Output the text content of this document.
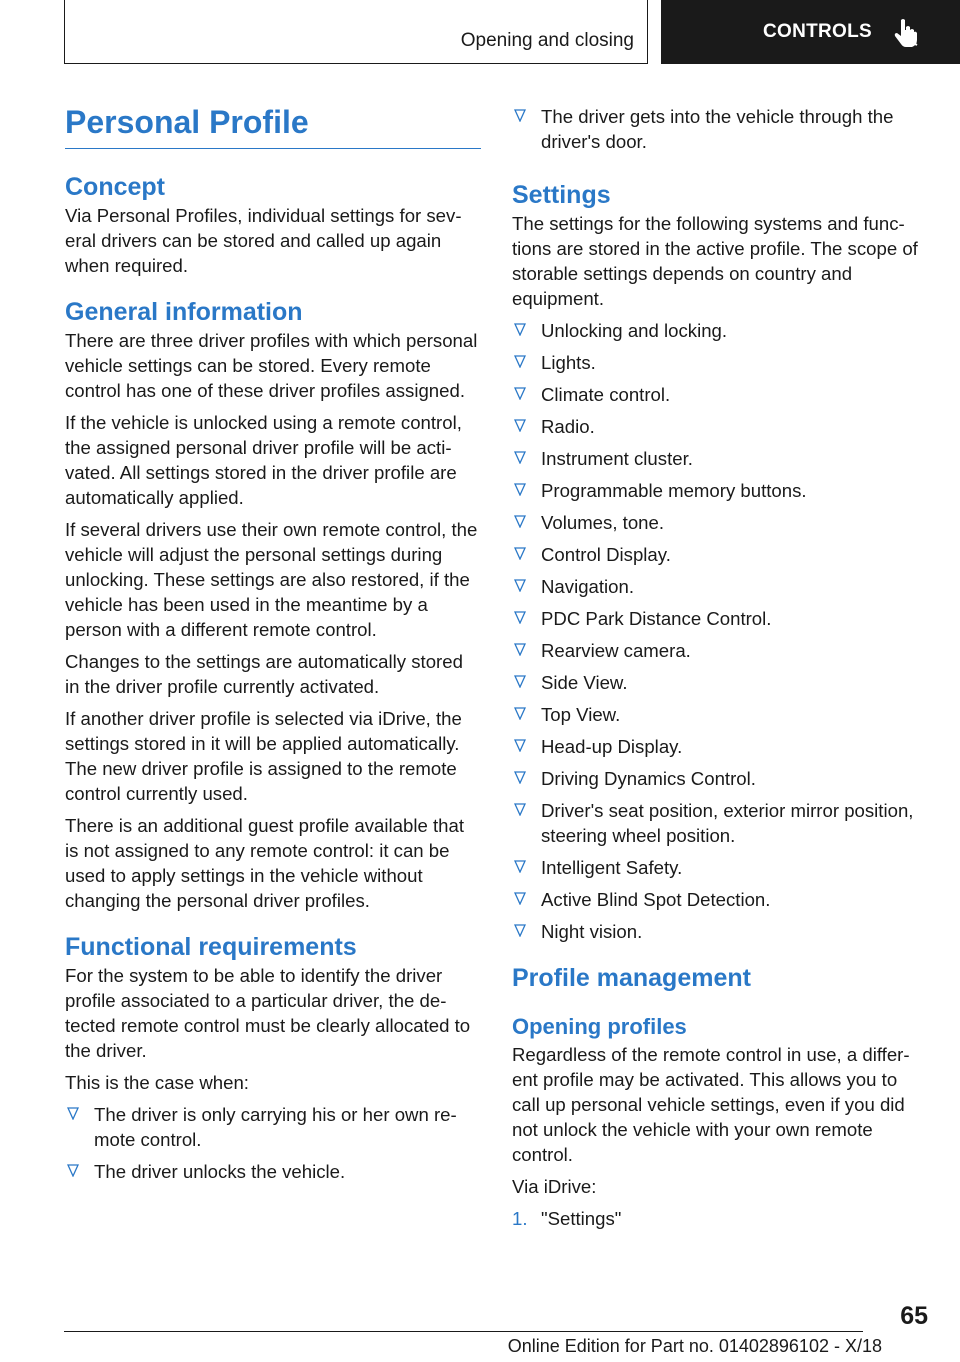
Opening and closing	CONTROLS
Personal Profile
Concept

Via Personal Profiles, individual settings for several drivers can be stored and called up again when required.

General information

There are three driver profiles with which personal vehicle settings can be stored. Every remote control has one of these driver profiles assigned.

If the vehicle is unlocked using a remote control, the assigned personal driver profile will be activated. All settings stored in the driver profile are automatically applied.

If several drivers use their own remote control, the vehicle will adjust the personal settings during unlocking. These settings are also restored, if the vehicle has been used in the meantime by a person with a different remote control.

Changes to the settings are automatically stored in the driver profile currently activated.

If another driver profile is selected via iDrive, the settings stored in it will be applied automatically. The new driver profile is assigned to the remote control currently used.

There is an additional guest profile available that is not assigned to any remote control: it can be used to apply settings in the vehicle without changing the personal driver profiles.

Functional requirements

For the system to be able to identify the driver profile associated to a particular driver, the detected remote control must be clearly allocated to the driver.

This is the case when:

The driver is only carrying his or her own remote control.
The driver unlocks the vehicle.
The driver gets into the vehicle through the driver's door.
Settings

The settings for the following systems and functions are stored in the active profile. The scope of storable settings depends on country and equipment.

Unlocking and locking.
Lights.
Climate control.
Radio.
Instrument cluster.
Programmable memory buttons.
Volumes, tone.
Control Display.
Navigation.
PDC Park Distance Control.
Rearview camera.
Side View.
Top View.
Head-up Display.
Driving Dynamics Control.
Driver's seat position, exterior mirror position, steering wheel position.
Intelligent Safety.
Active Blind Spot Detection.
Night vision.
Profile management
Opening profiles

Regardless of the remote control in use, a different profile may be activated. This allows you to call up personal vehicle settings, even if you did not unlock the vehicle with your own remote control.

Via iDrive:

1. "Settings"
65
Online Edition for Part no. 01402896102 - X/18
